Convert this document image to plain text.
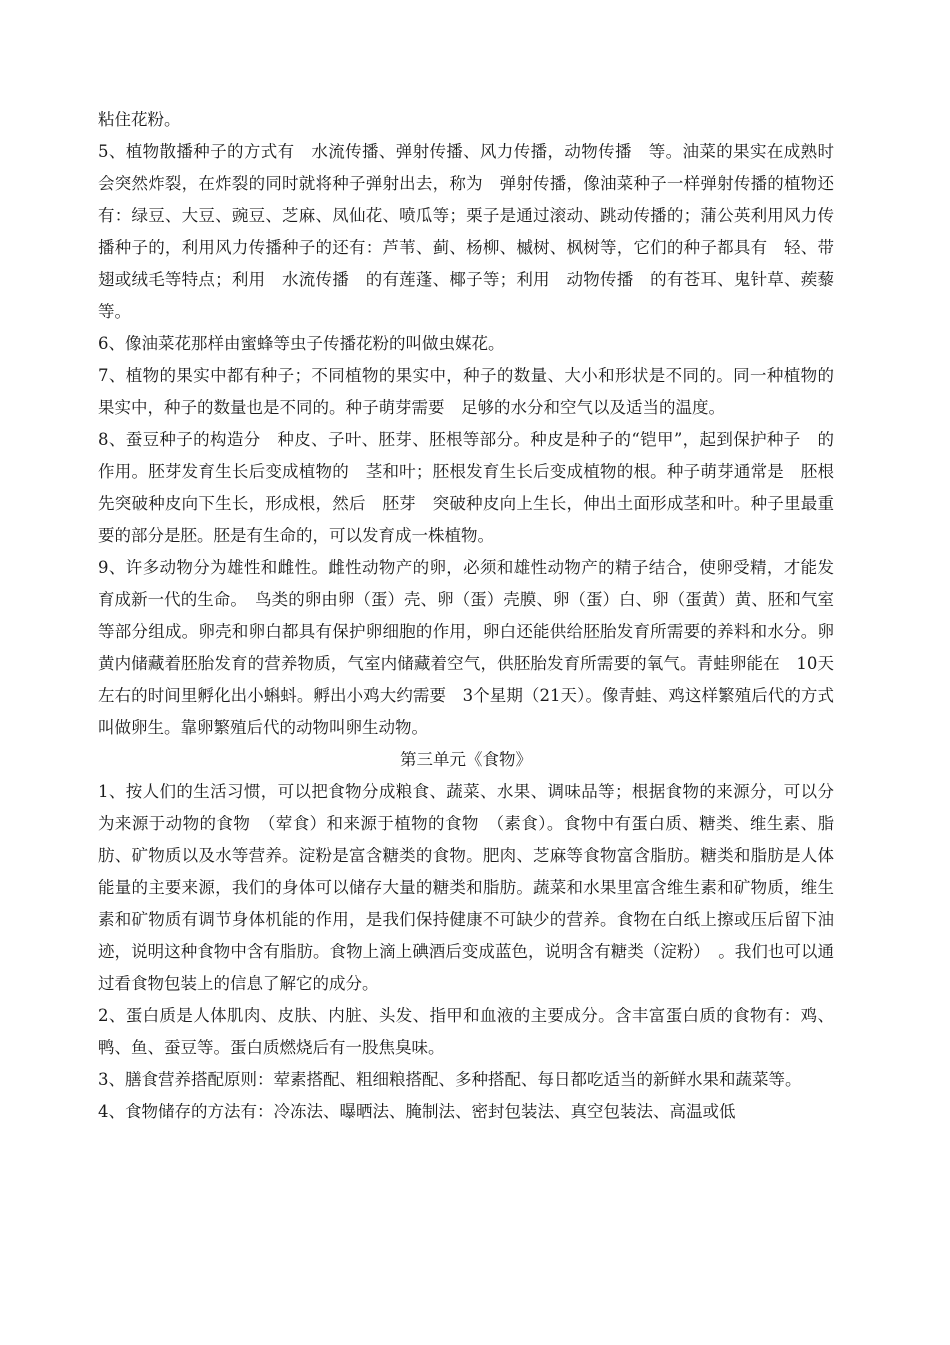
粘住花粉。

5、植物散播种子的方式有　水流传播、弹射传播、风力传播，动物传播　等。油菜的果实在成熟时会突然炸裂，在炸裂的同时就将种子弹射出去，称为　弹射传播，像油菜种子一样弹射传播的植物还有：绿豆、大豆、豌豆、芝麻、凤仙花、喷瓜等；栗子是通过滚动、跳动传播的；蒲公英利用风力传播种子的，利用风力传播种子的还有：芦苇、蓟、杨柳、槭树、枫树等，它们的种子都具有　轻、带翅或绒毛等特点；利用　水流传播　的有莲蓬、椰子等；利用　动物传播　的有苍耳、鬼针草、蒺藜等。

6、像油菜花那样由蜜蜂等虫子传播花粉的叫做虫媒花。

7、植物的果实中都有种子；不同植物的果实中，种子的数量、大小和形状是不同的。同一种植物的果实中，种子的数量也是不同的。种子萌芽需要　足够的水分和空气以及适当的温度。

8、蚕豆种子的构造分　种皮、子叶、胚芽、胚根等部分。种皮是种子的“铠甲”，起到保护种子　的作用。胚芽发育生长后变成植物的　茎和叶；胚根发育生长后变成植物的根。种子萌芽通常是　胚根　先突破种皮向下生长，形成根，然后　胚芽　突破种皮向上生长，伸出土面形成茎和叶。种子里最重要的部分是胚。胚是有生命的，可以发育成一株植物。

9、许多动物分为雄性和雌性。雌性动物产的卵，必须和雄性动物产的精子结合，使卵受精，才能发育成新一代的生命。　鸟类的卵由卵（蛋）壳、卵（蛋）壳膜、卵（蛋）白、卵（蛋黄）黄、胚和气室等部分组成。卵壳和卵白都具有保护卵细胞的作用，卵白还能供给胚胎发育所需要的养料和水分。卵黄内储藏着胚胎发育的营养物质，气室内储藏着空气，供胚胎发育所需要的氧气。青蛙卵能在　10天左右的时间里孵化出小蝌蚪。孵出小鸡大约需要　3个星期（21天）。像青蛙、鸡这样繁殖后代的方式叫做卵生。靠卵繁殖后代的动物叫卵生动物。

第三单元《食物》

1、按人们的生活习惯，可以把食物分成粮食、蔬菜、水果、调味品等；根据食物的来源分，可以分为来源于动物的食物　（荤食）和来源于植物的食物　（素食）。食物中有蛋白质、糖类、维生素、脂肪、矿物质以及水等营养。淀粉是富含糖类的食物。肥肉、芝麻等食物富含脂肪。糖类和脂肪是人体能量的主要来源，我们的身体可以储存大量的糖类和脂肪。蔬菜和水果里富含维生素和矿物质，维生素和矿物质有调节身体机能的作用，是我们保持健康不可缺少的营养。食物在白纸上擦或压后留下油迹，说明这种食物中含有脂肪。食物上滴上碘酒后变成蓝色，说明含有糖类（淀粉）　。我们也可以通过看食物包装上的信息了解它的成分。

2、蛋白质是人体肌肉、皮肤、内脏、头发、指甲和血液的主要成分。含丰富蛋白质的食物有：鸡、鸭、鱼、蚕豆等。蛋白质燃烧后有一股焦臭味。

3、膳食营养搭配原则：荤素搭配、粗细粮搭配、多种搭配、每日都吃适当的新鲜水果和蔬菜等。

4、食物储存的方法有：冷冻法、曝晒法、腌制法、密封包装法、真空包装法、高温或低
